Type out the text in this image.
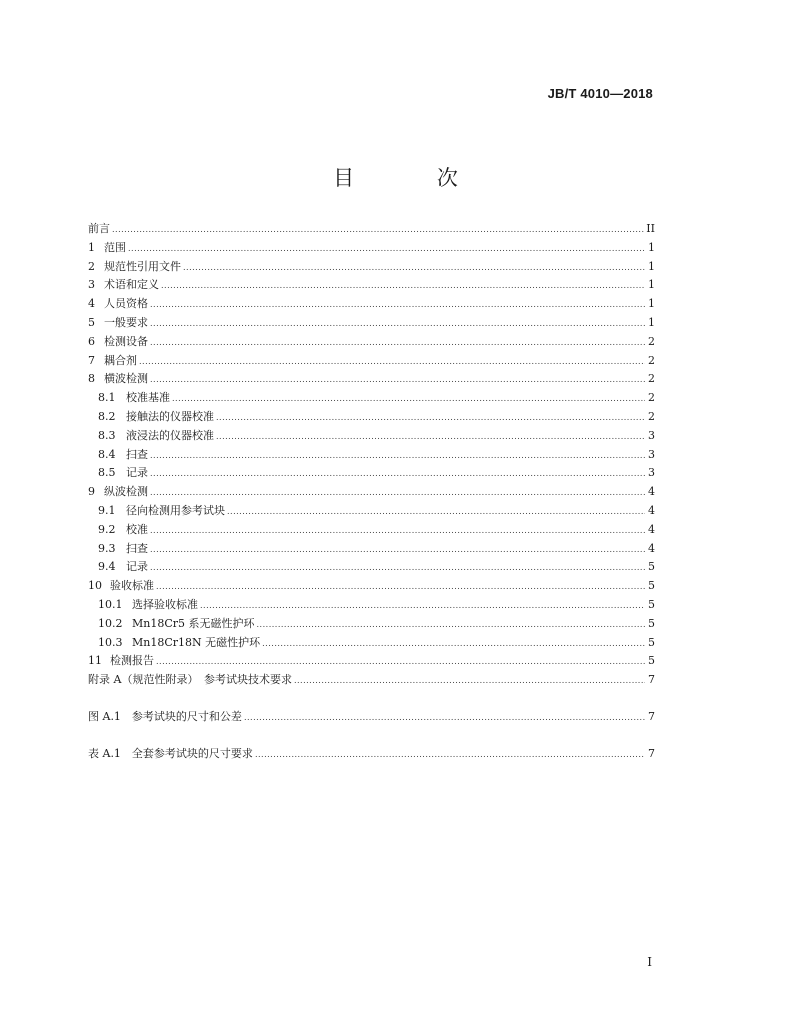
JB/T 4010—2018
目 次
前言 .....	II
1 范围 .....	1
2 规范性引用文件 .....	1
3 术语和定义 .....	1
4 人员资格 .....	1
5 一般要求 .....	1
6 检测设备 .....	2
7 耦合剂 .....	2
8 横波检测 .....	2
8.1 校准基准 .....	2
8.2 接触法的仪器校准 .....	2
8.3 液浸法的仪器校准 .....	3
8.4 扫查 .....	3
8.5 记录 .....	3
9 纵波检测 .....	4
9.1 径向检测用参考试块 .....	4
9.2 校准 .....	4
9.3 扫查 .....	4
9.4 记录 .....	5
10 验收标准 .....	5
10.1 选择验收标准 .....	5
10.2 Mn18Cr5 系无磁性护环 .....	5
10.3 Mn18Cr18N 无磁性护环 .....	5
11 检测报告 .....	5
附录 A（规范性附录）　参考试块技术要求 .....	7
图 A.1　参考试块的尺寸和公差 .....	7
表 A.1　全套参考试块的尺寸要求 .....	7
I
